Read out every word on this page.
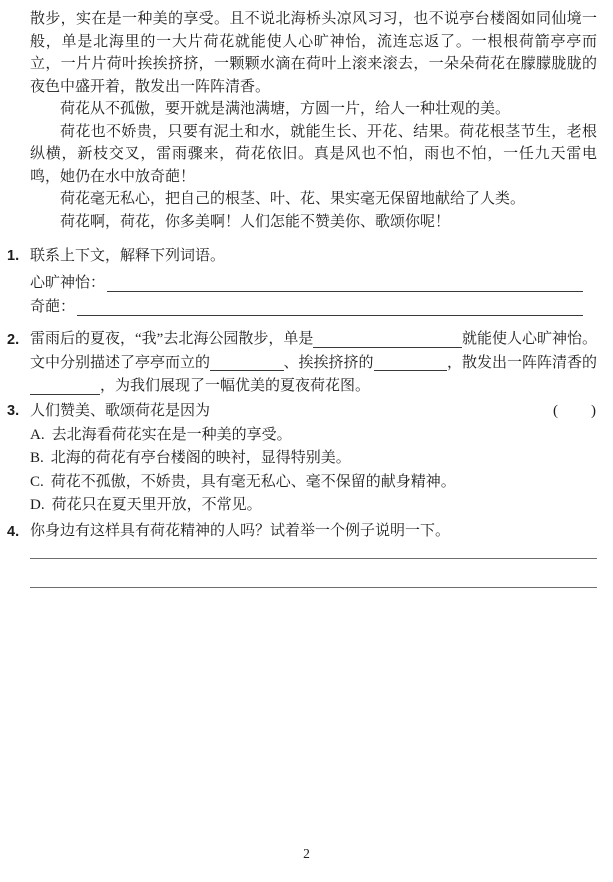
散步，实在是一种美的享受。且不说北海桥头凉风习习，也不说亭台楼阁如同仙境一般，单是北海里的一大片荷花就能使人心旷神怡，流连忘返了。一根根荷箭亭亭而立，一片片荷叶挨挨挤挤，一颗颗水滴在荷叶上滚来滚去，一朵朵荷花在朦朦胧胧的夜色中盛开着，散发出一阵阵清香。

荷花从不孤傲，要开就是满池满塘，方圆一片，给人一种壮观的美。

荷花也不娇贵，只要有泥土和水，就能生长、开花、结果。荷花根茎节生，老根纵横，新枝交叉，雷雨骤来，荷花依旧。真是风也不怕，雨也不怕，一任九天雷电鸣，她仍在水中放奇葩！

荷花毫无私心，把自己的根茎、叶、花、果实毫无保留地献给了人类。

荷花啊，荷花，你多美啊！人们怎能不赞美你、歌颂你呢！

1. 联系上下文，解释下列词语。
心旷神怡：
奇葩：
2. 雷雨后的夏夜，“我”去北海公园散步，单是	就能使人心旷神怡。
文中分别描述了亭亭而立的	、挨挨挤挤的	，散发出一阵阵清香的
，为我们展现了一幅优美的夏夜荷花图。
3. 人们赞美、歌颂荷花是因为	(　　)
A. 去北海看荷花实在是一种美的享受。
B. 北海的荷花有亭台楼阁的映衬，显得特别美。
C. 荷花不孤傲，不娇贵，具有毫无私心、毫不保留的献身精神。
D. 荷花只在夏天里开放，不常见。
4. 你身边有这样具有荷花精神的人吗？试着举一个例子说明一下。
2
